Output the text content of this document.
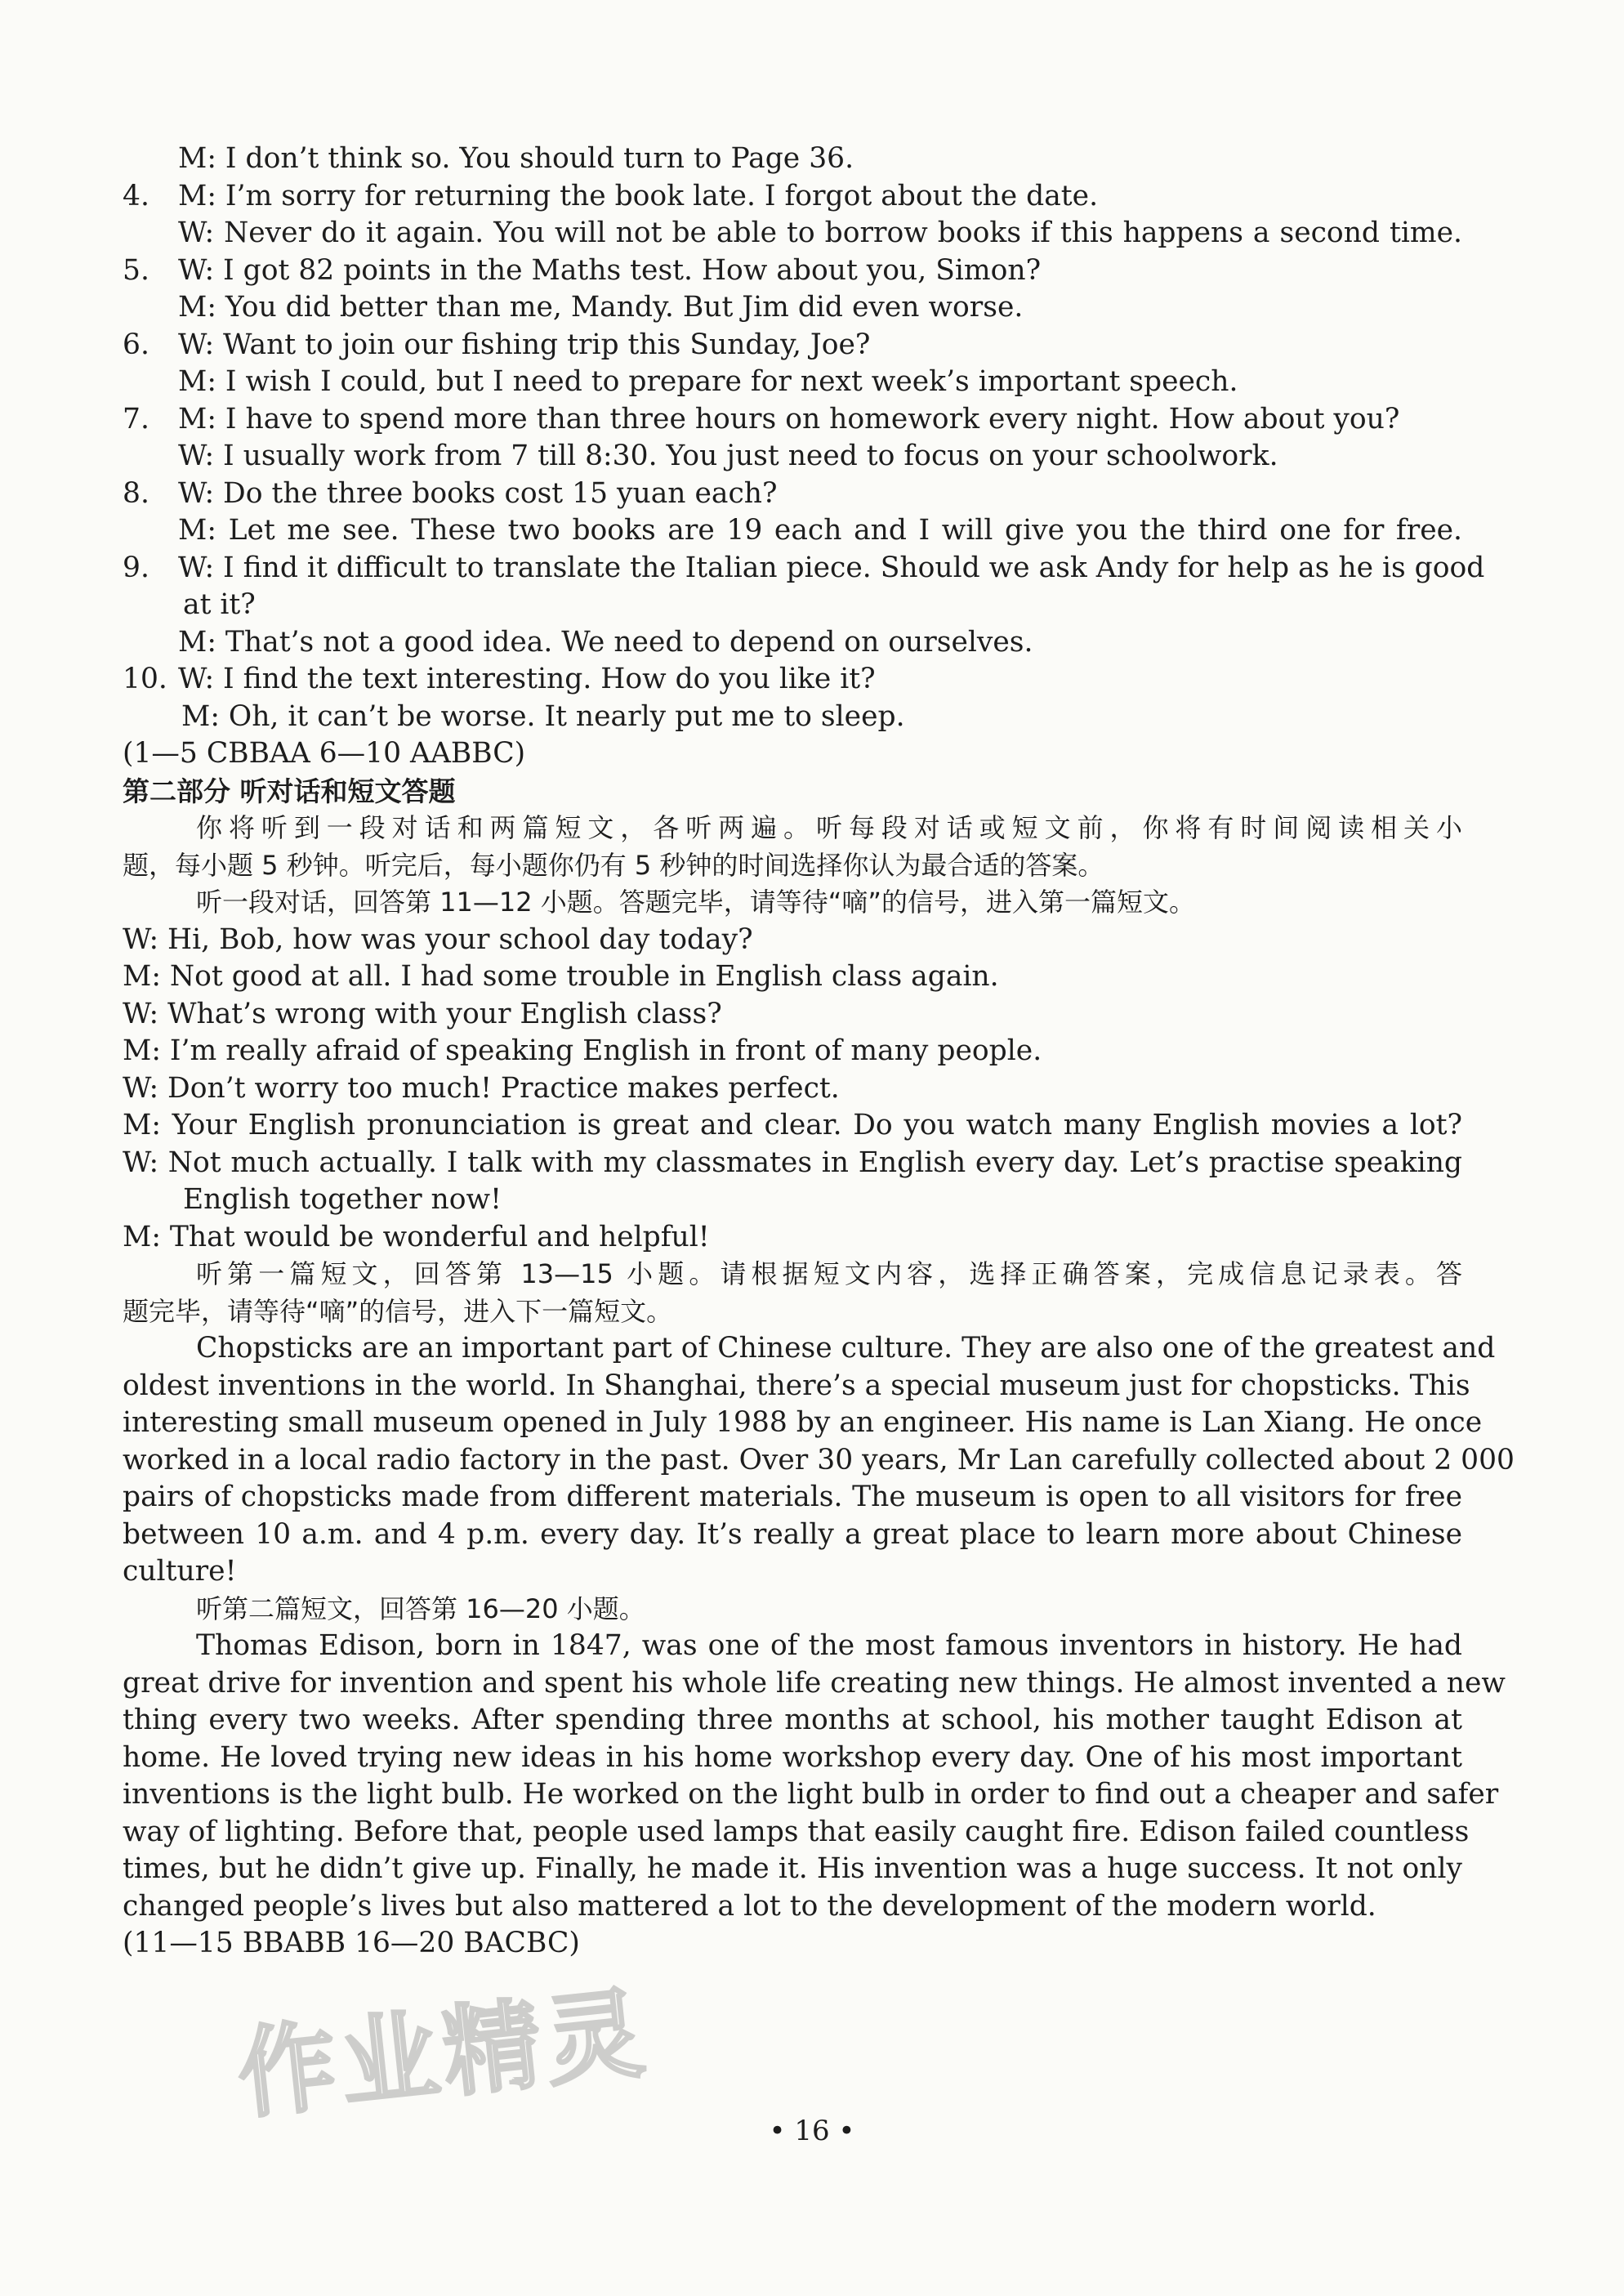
M: I don’t think so. You should turn to Page 36.
4.M: I’m sorry for returning the book late. I forgot about the date.
W: Never do it again. You will not be able to borrow books if this happens a second time.
5.W: I got 82 points in the Maths test. How about you, Simon?
M: You did better than me, Mandy. But Jim did even worse.
6.W: Want to join our fishing trip this Sunday, Joe?
M: I wish I could, but I need to prepare for next week’s important speech.
7.M: I have to spend more than three hours on homework every night. How about you?
W: I usually work from 7 till 8:30. You just need to focus on your schoolwork.
8.W: Do the three books cost 15 yuan each?
M: Let me see. These two books are 19 each and I will give you the third one for free.
9.W: I find it difficult to translate the Italian piece. Should we ask Andy for help as he is good
at it?
M: That’s not a good idea. We need to depend on ourselves.
10.W: I find the text interesting. How do you like it?
M: Oh, it can’t be worse. It nearly put me to sleep.
(1—5 CBBAA 6—10 AABBC)
第二部分 听对话和短文答题
你将听到一段对话和两篇短文，各听两遍。听每段对话或短文前，你将有时间阅读相关小
题，每小题 5 秒钟。听完后，每小题你仍有 5 秒钟的时间选择你认为最合适的答案。
听一段对话，回答第 11—12 小题。答题完毕，请等待“嘀”的信号，进入第一篇短文。
W: Hi, Bob, how was your school day today?
M: Not good at all. I had some trouble in English class again.
W: What’s wrong with your English class?
M: I’m really afraid of speaking English in front of many people.
W: Don’t worry too much! Practice makes perfect.
M: Your English pronunciation is great and clear. Do you watch many English movies a lot?
W: Not much actually. I talk with my classmates in English every day. Let’s practise speaking
English together now!
M: That would be wonderful and helpful!
听第一篇短文，回答第 13—15 小题。请根据短文内容，选择正确答案，完成信息记录表。答
题完毕，请等待“嘀”的信号，进入下一篇短文。
Chopsticks are an important part of Chinese culture. They are also one of the greatest and
oldest inventions in the world. In Shanghai, there’s a special museum just for chopsticks. This
interesting small museum opened in July 1988 by an engineer. His name is Lan Xiang. He once
worked in a local radio factory in the past. Over 30 years, Mr Lan carefully collected about 2 000
pairs of chopsticks made from different materials. The museum is open to all visitors for free
between 10 a.m. and 4 p.m. every day. It’s really a great place to learn more about Chinese
culture!
听第二篇短文，回答第 16—20 小题。
Thomas Edison, born in 1847, was one of the most famous inventors in history. He had
great drive for invention and spent his whole life creating new things. He almost invented a new
thing every two weeks. After spending three months at school, his mother taught Edison at
home. He loved trying new ideas in his home workshop every day. One of his most important
inventions is the light bulb. He worked on the light bulb in order to find out a cheaper and safer
way of lighting. Before that, people used lamps that easily caught fire. Edison failed countless
times, but he didn’t give up. Finally, he made it. His invention was a huge success. It not only
changed people’s lives but also mattered a lot to the development of the modern world.
(11—15 BBABB 16—20 BACBC)
作业精灵	• 16 •
